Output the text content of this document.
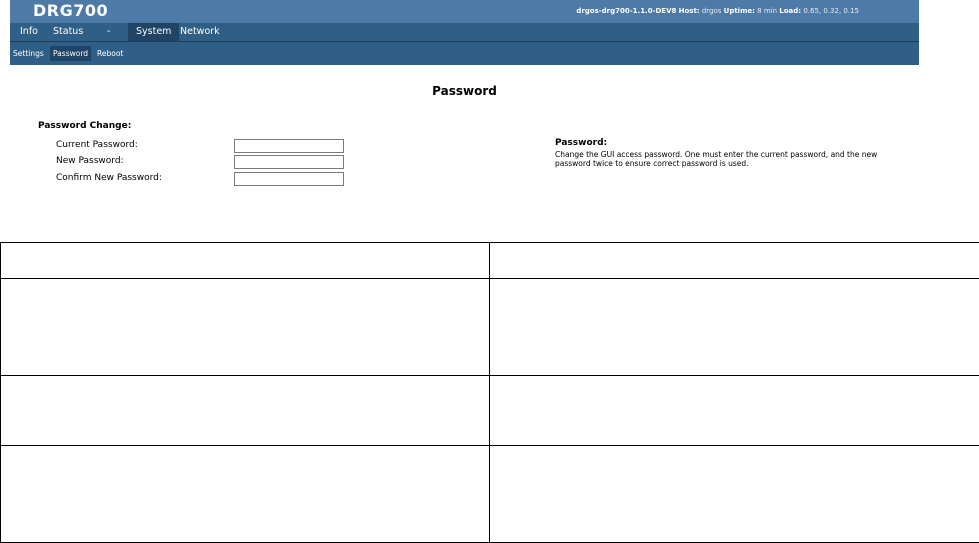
DRG700	drgos-drg700-1.1.0-DEV8 Host: drgos Uptime: 8 min Load: 0.65, 0.32, 0.15
Info Status -	System Network
Settings	Password	Reboot
Password
Password Change:
Current Password:
New Password:
Confirm New Password:
Password:
Change the GUI access password. One must enter the current password, and the new password twice to ensure correct password is used.
